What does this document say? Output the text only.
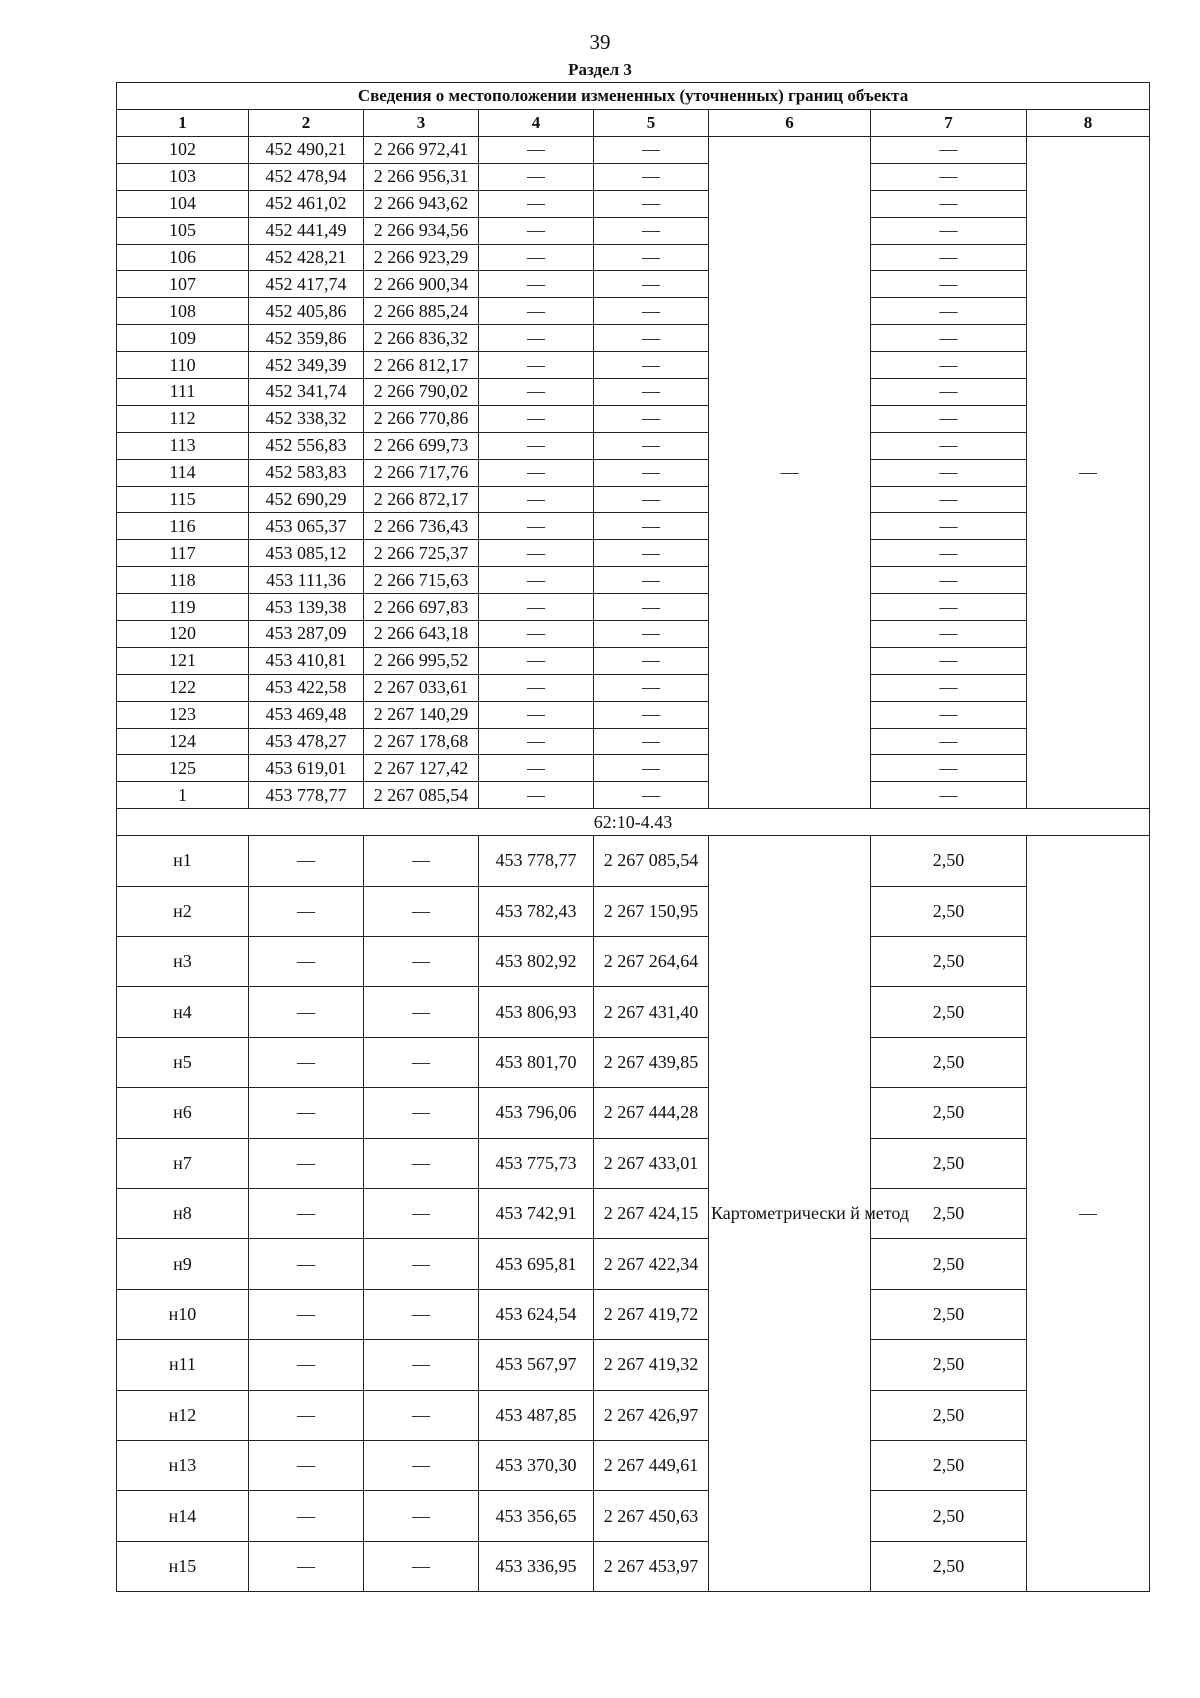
39
Раздел 3
Сведения о местоположении измененных (уточненных) границ объекта							
1	2	3	4	5	6	7	8
102	452 490,21	2 266 972,41	—	—	—	—	—
103	452 478,94	2 266 956,31	—	—		—	
104	452 461,02	2 266 943,62	—	—		—	
105	452 441,49	2 266 934,56	—	—		—	
106	452 428,21	2 266 923,29	—	—		—	
107	452 417,74	2 266 900,34	—	—		—	
108	452 405,86	2 266 885,24	—	—		—	
109	452 359,86	2 266 836,32	—	—		—	
110	452 349,39	2 266 812,17	—	—		—	
111	452 341,74	2 266 790,02	—	—		—	
112	452 338,32	2 266 770,86	—	—		—	
113	452 556,83	2 266 699,73	—	—		—	
114	452 583,83	2 266 717,76	—	—		—	
115	452 690,29	2 266 872,17	—	—		—	
116	453 065,37	2 266 736,43	—	—		—	
117	453 085,12	2 266 725,37	—	—		—	
118	453 111,36	2 266 715,63	—	—		—	
119	453 139,38	2 266 697,83	—	—		—	
120	453 287,09	2 266 643,18	—	—		—	
121	453 410,81	2 266 995,52	—	—		—	
122	453 422,58	2 267 033,61	—	—		—	
123	453 469,48	2 267 140,29	—	—		—	
124	453 478,27	2 267 178,68	—	—		—	
125	453 619,01	2 267 127,42	—	—		—	
1	453 778,77	2 267 085,54	—	—		—	
62:10-4.43							
н1	—	—	453 778,77	2 267 085,54	Картометрически й метод	2,50	—
н2	—	—	453 782,43	2 267 150,95		2,50	
н3	—	—	453 802,92	2 267 264,64		2,50	
н4	—	—	453 806,93	2 267 431,40		2,50	
н5	—	—	453 801,70	2 267 439,85		2,50	
н6	—	—	453 796,06	2 267 444,28		2,50	
н7	—	—	453 775,73	2 267 433,01		2,50	
н8	—	—	453 742,91	2 267 424,15		2,50	
н9	—	—	453 695,81	2 267 422,34		2,50	
н10	—	—	453 624,54	2 267 419,72		2,50	
н11	—	—	453 567,97	2 267 419,32		2,50	
н12	—	—	453 487,85	2 267 426,97		2,50	
н13	—	—	453 370,30	2 267 449,61		2,50	
н14	—	—	453 356,65	2 267 450,63		2,50	
н15	—	—	453 336,95	2 267 453,97		2,50	
